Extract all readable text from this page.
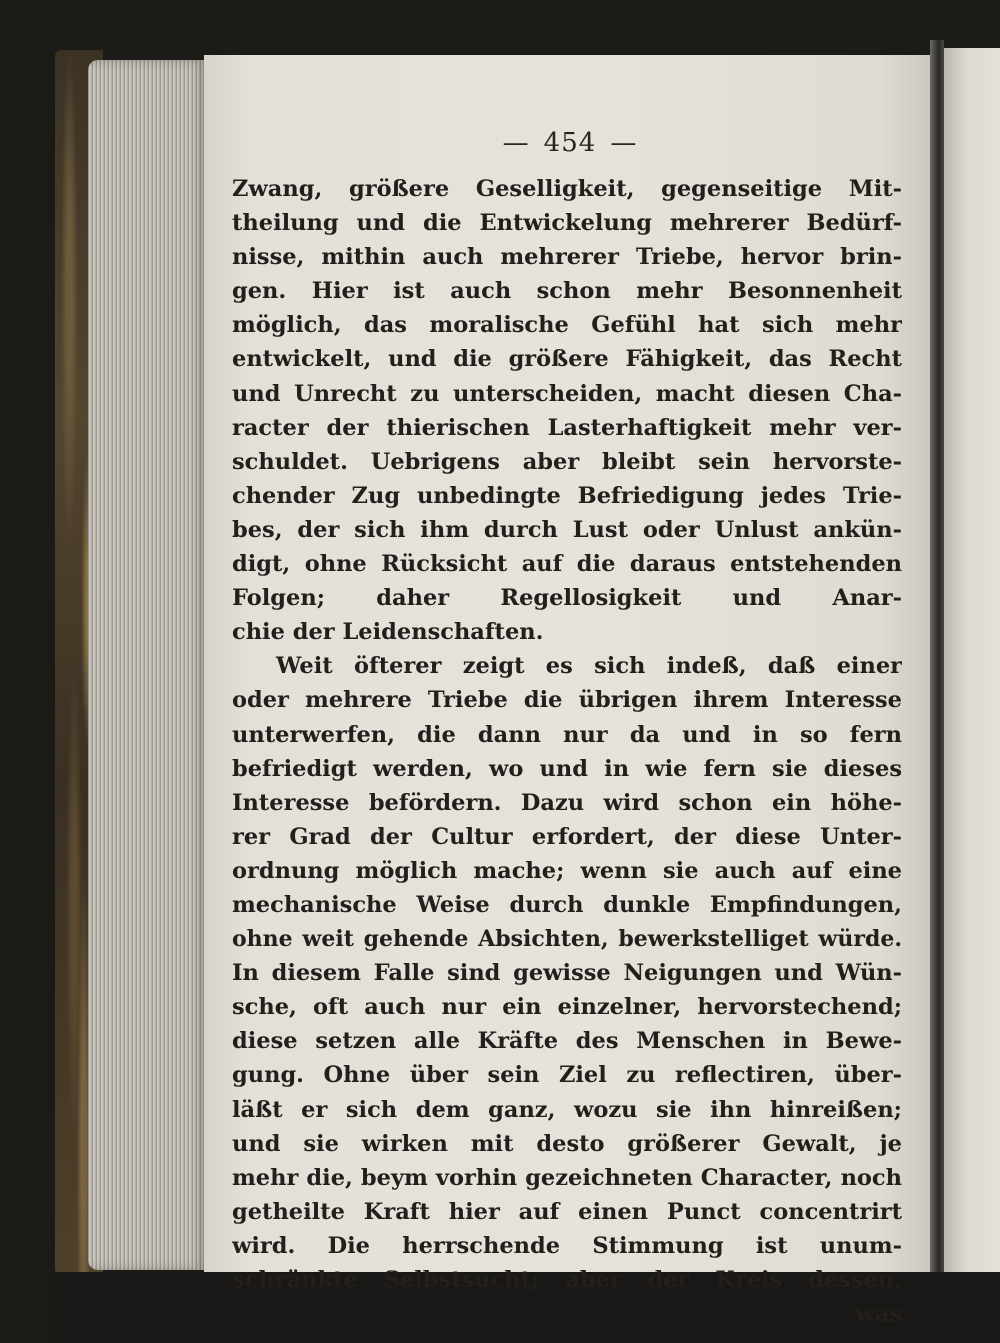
— 454 —
Zwang, größere Geselligkeit, gegenseitige Mit-
theilung und die Entwickelung mehrerer Bedürf-
nisse, mithin auch mehrerer Triebe, hervor brin-
gen. Hier ist auch schon mehr Besonnenheit
möglich, das moralische Gefühl hat sich mehr
entwickelt, und die größere Fähigkeit, das Recht
und Unrecht zu unterscheiden, macht diesen Cha-
racter der thierischen Lasterhaftigkeit mehr ver-
schuldet. Uebrigens aber bleibt sein hervorste-
chender Zug unbedingte Befriedigung jedes Trie-
bes, der sich ihm durch Lust oder Unlust ankün-
digt, ohne Rücksicht auf die daraus entstehenden
Folgen; daher Regellosigkeit und Anar-
chie der Leidenschaften.
Weit öfterer zeigt es sich indeß, daß einer
oder mehrere Triebe die übrigen ihrem Interesse
unterwerfen, die dann nur da und in so fern
befriedigt werden, wo und in wie fern sie dieses
Interesse befördern. Dazu wird schon ein höhe-
rer Grad der Cultur erfordert, der diese Unter-
ordnung möglich mache; wenn sie auch auf eine
mechanische Weise durch dunkle Empfindungen,
ohne weit gehende Absichten, bewerkstelliget würde.
In diesem Falle sind gewisse Neigungen und Wün-
sche, oft auch nur ein einzelner, hervorstechend;
diese setzen alle Kräfte des Menschen in Bewe-
gung. Ohne über sein Ziel zu reflectiren, über-
läßt er sich dem ganz, wozu sie ihn hinreißen;
und sie wirken mit desto größerer Gewalt, je
mehr die, beym vorhin gezeichneten Character, noch
getheilte Kraft hier auf einen Punct concentrirt
wird. Die herrschende Stimmung ist unum-
schränkte Selbstsucht; aber der Kreis dessen,
was
